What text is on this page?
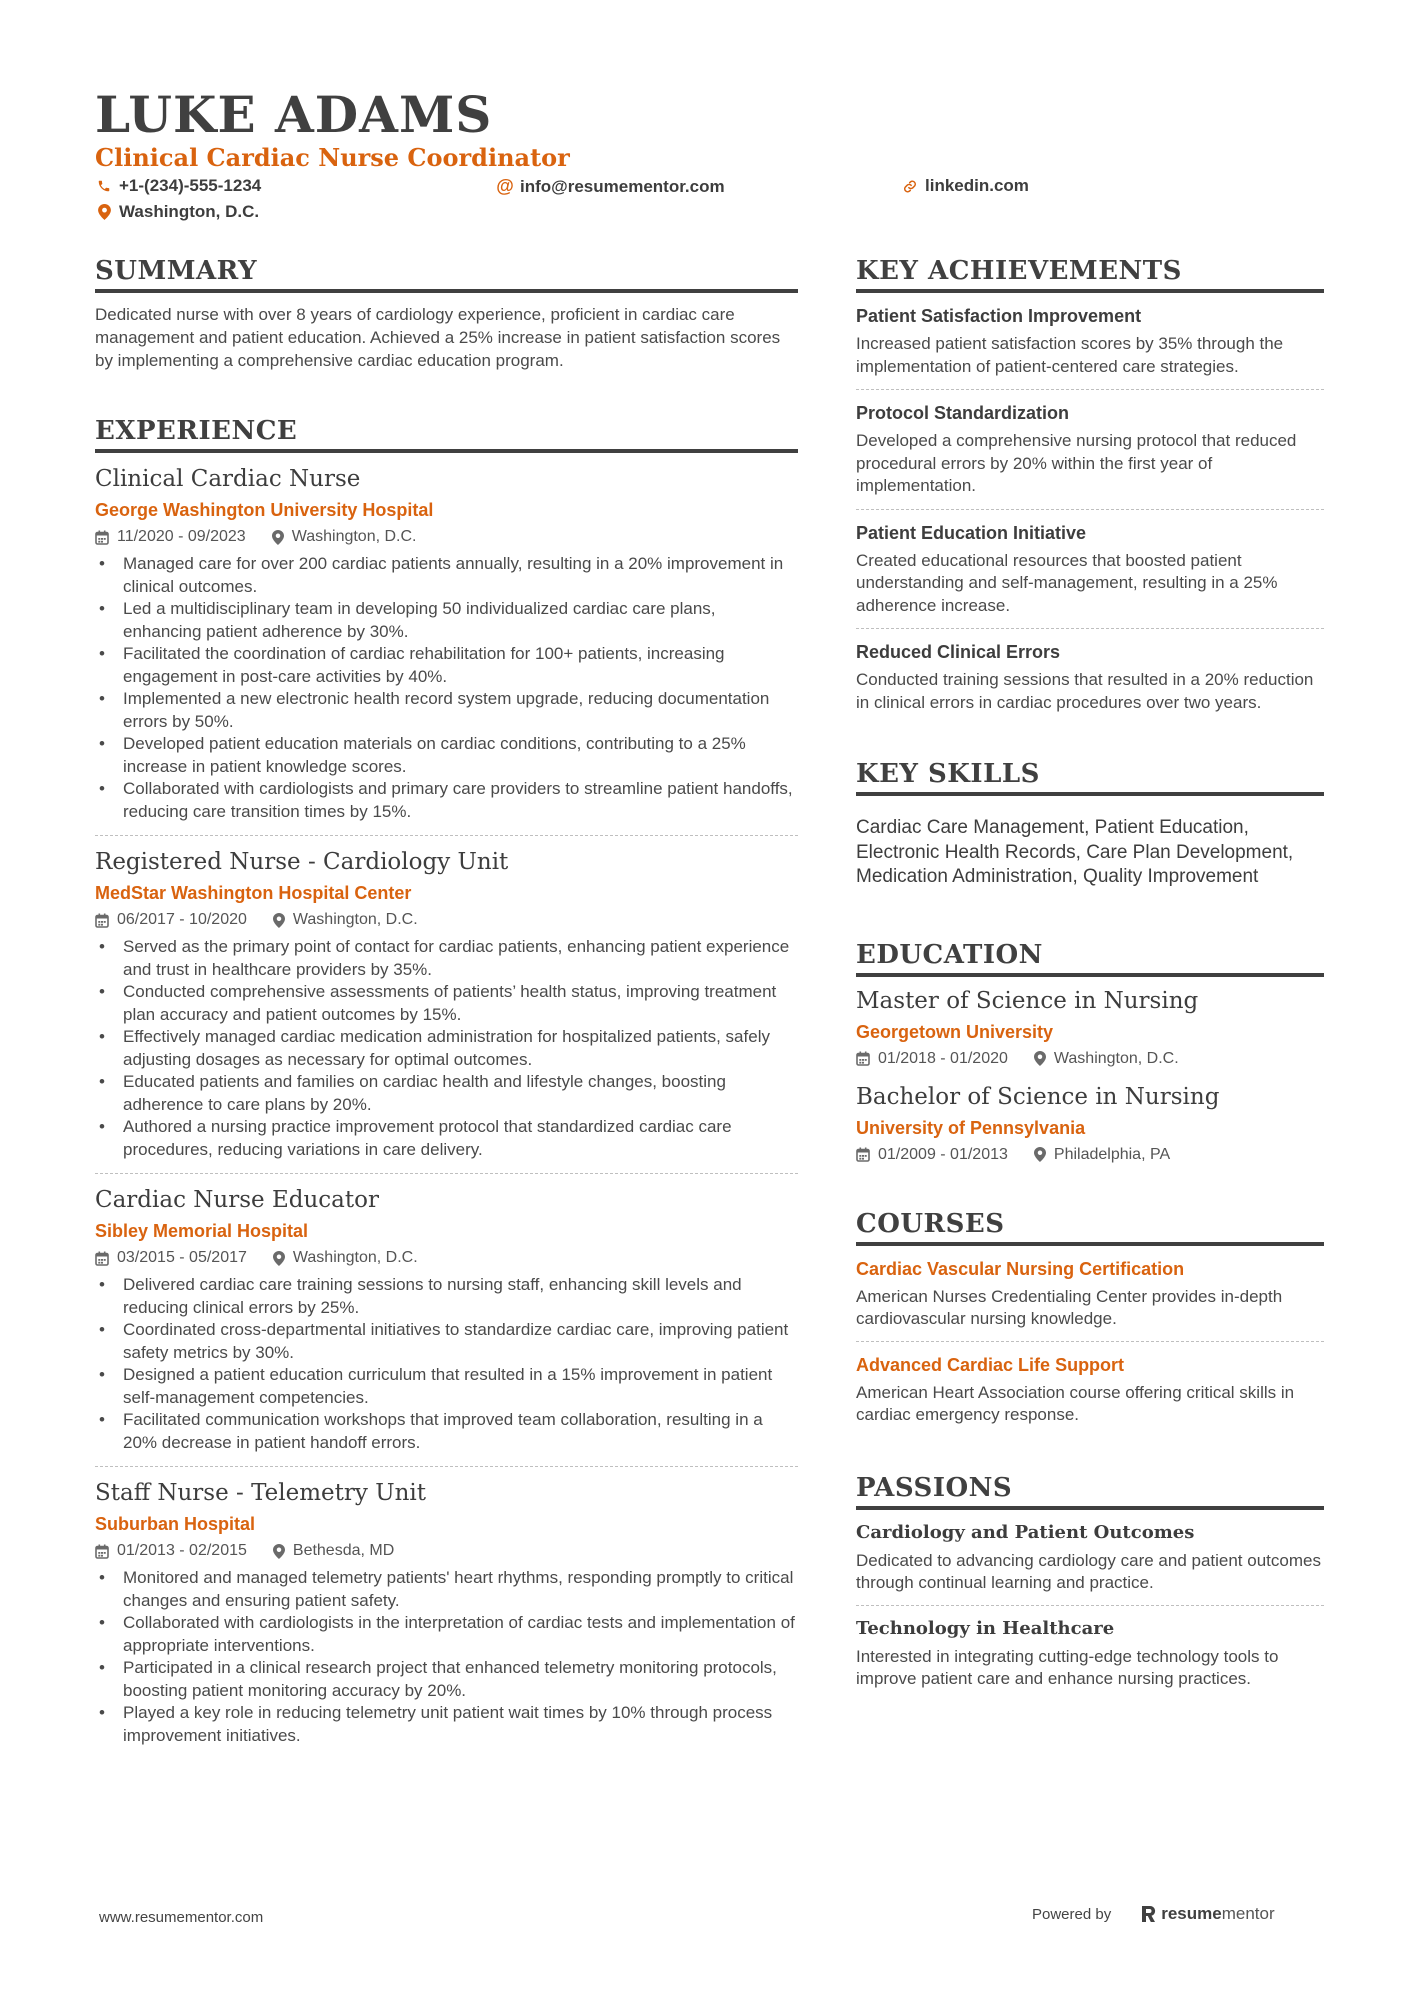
LUKE ADAMS
Clinical Cardiac Nurse Coordinator
+1-(234)-555-1234	@ info@resumementor.com	linkedin.com
Washington, D.C.
SUMMARY
Dedicated nurse with over 8 years of cardiology experience, proficient in cardiac care management and patient education. Achieved a 25% increase in patient satisfaction scores by implementing a comprehensive cardiac education program.
EXPERIENCE
Clinical Cardiac Nurse
George Washington University Hospital
11/2020 - 09/2023	Washington, D.C.
• Managed care for over 200 cardiac patients annually, resulting in a 20% improvement in clinical outcomes.
• Led a multidisciplinary team in developing 50 individualized cardiac care plans, enhancing patient adherence by 30%.
• Facilitated the coordination of cardiac rehabilitation for 100+ patients, increasing engagement in post-care activities by 40%.
• Implemented a new electronic health record system upgrade, reducing documentation errors by 50%.
• Developed patient education materials on cardiac conditions, contributing to a 25% increase in patient knowledge scores.
• Collaborated with cardiologists and primary care providers to streamline patient handoffs, reducing care transition times by 15%.
Registered Nurse - Cardiology Unit
MedStar Washington Hospital Center
06/2017 - 10/2020	Washington, D.C.
• Served as the primary point of contact for cardiac patients, enhancing patient experience and trust in healthcare providers by 35%.
• Conducted comprehensive assessments of patients’ health status, improving treatment plan accuracy and patient outcomes by 15%.
• Effectively managed cardiac medication administration for hospitalized patients, safely adjusting dosages as necessary for optimal outcomes.
• Educated patients and families on cardiac health and lifestyle changes, boosting adherence to care plans by 20%.
• Authored a nursing practice improvement protocol that standardized cardiac care procedures, reducing variations in care delivery.
Cardiac Nurse Educator
Sibley Memorial Hospital
03/2015 - 05/2017	Washington, D.C.
• Delivered cardiac care training sessions to nursing staff, enhancing skill levels and reducing clinical errors by 25%.
• Coordinated cross-departmental initiatives to standardize cardiac care, improving patient safety metrics by 30%.
• Designed a patient education curriculum that resulted in a 15% improvement in patient self-management competencies.
• Facilitated communication workshops that improved team collaboration, resulting in a 20% decrease in patient handoff errors.
Staff Nurse - Telemetry Unit
Suburban Hospital
01/2013 - 02/2015	Bethesda, MD
• Monitored and managed telemetry patients' heart rhythms, responding promptly to critical changes and ensuring patient safety.
• Collaborated with cardiologists in the interpretation of cardiac tests and implementation of appropriate interventions.
• Participated in a clinical research project that enhanced telemetry monitoring protocols, boosting patient monitoring accuracy by 20%.
• Played a key role in reducing telemetry unit patient wait times by 10% through process improvement initiatives.
KEY ACHIEVEMENTS
Patient Satisfaction Improvement
Increased patient satisfaction scores by 35% through the implementation of patient-centered care strategies.
Protocol Standardization
Developed a comprehensive nursing protocol that reduced procedural errors by 20% within the first year of implementation.
Patient Education Initiative
Created educational resources that boosted patient understanding and self-management, resulting in a 25% adherence increase.
Reduced Clinical Errors
Conducted training sessions that resulted in a 20% reduction in clinical errors in cardiac procedures over two years.
KEY SKILLS
Cardiac Care Management, Patient Education, Electronic Health Records, Care Plan Development, Medication Administration, Quality Improvement
EDUCATION
Master of Science in Nursing
Georgetown University
01/2018 - 01/2020	Washington, D.C.
Bachelor of Science in Nursing
University of Pennsylvania
01/2009 - 01/2013	Philadelphia, PA
COURSES
Cardiac Vascular Nursing Certification
American Nurses Credentialing Center provides in-depth cardiovascular nursing knowledge.
Advanced Cardiac Life Support
American Heart Association course offering critical skills in cardiac emergency response.
PASSIONS
Cardiology and Patient Outcomes
Dedicated to advancing cardiology care and patient outcomes through continual learning and practice.
Technology in Healthcare
Interested in integrating cutting-edge technology tools to improve patient care and enhance nursing practices.
www.resumementor.com	Powered by	resume mentor
